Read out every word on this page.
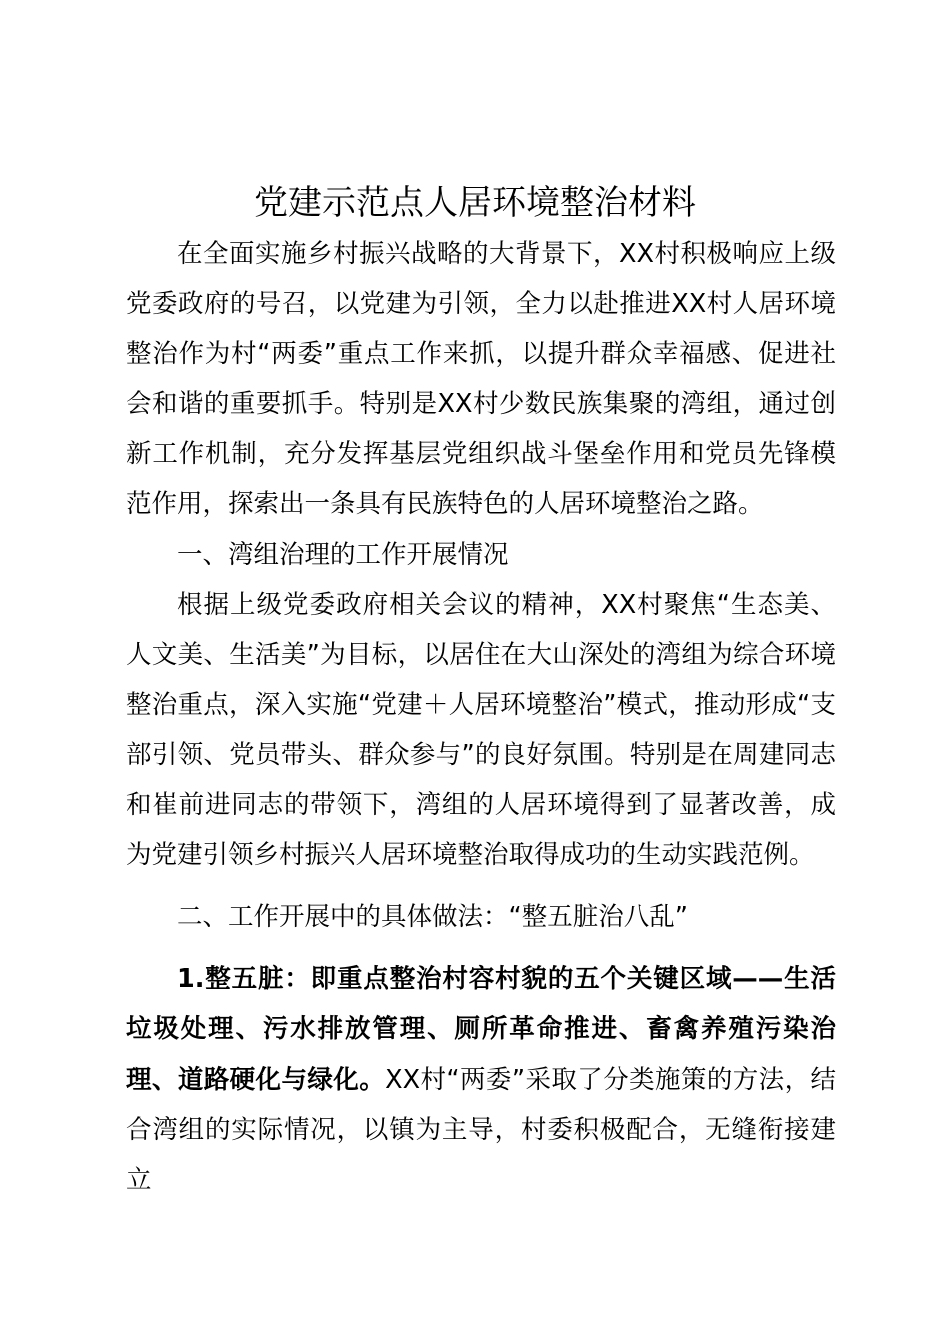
党建示范点人居环境整治材料

在全面实施乡村振兴战略的大背景下，XX村积极响应上级党委政府的号召，以党建为引领，全力以赴推进XX村人居环境整治作为村“两委”重点工作来抓，以提升群众幸福感、促进社会和谐的重要抓手。特别是XX村少数民族集聚的湾组，通过创新工作机制，充分发挥基层党组织战斗堡垒作用和党员先锋模范作用，探索出一条具有民族特色的人居环境整治之路。

一、湾组治理的工作开展情况

根据上级党委政府相关会议的精神，XX村聚焦“生态美、人文美、生活美”为目标，以居住在大山深处的湾组为综合环境整治重点，深入实施“党建＋人居环境整治”模式，推动形成“支部引领、党员带头、群众参与”的良好氛围。特别是在周建同志和崔前进同志的带领下，湾组的人居环境得到了显著改善，成为党建引领乡村振兴人居环境整治取得成功的生动实践范例。

二、工作开展中的具体做法：“整五脏治八乱”

1.整五脏：即重点整治村容村貌的五个关键区域——生活垃圾处理、污水排放管理、厕所革命推进、畜禽养殖污染治理、道路硬化与绿化。XX村“两委”采取了分类施策的方法，结合湾组的实际情况，以镇为主导，村委积极配合，无缝衔接建立
